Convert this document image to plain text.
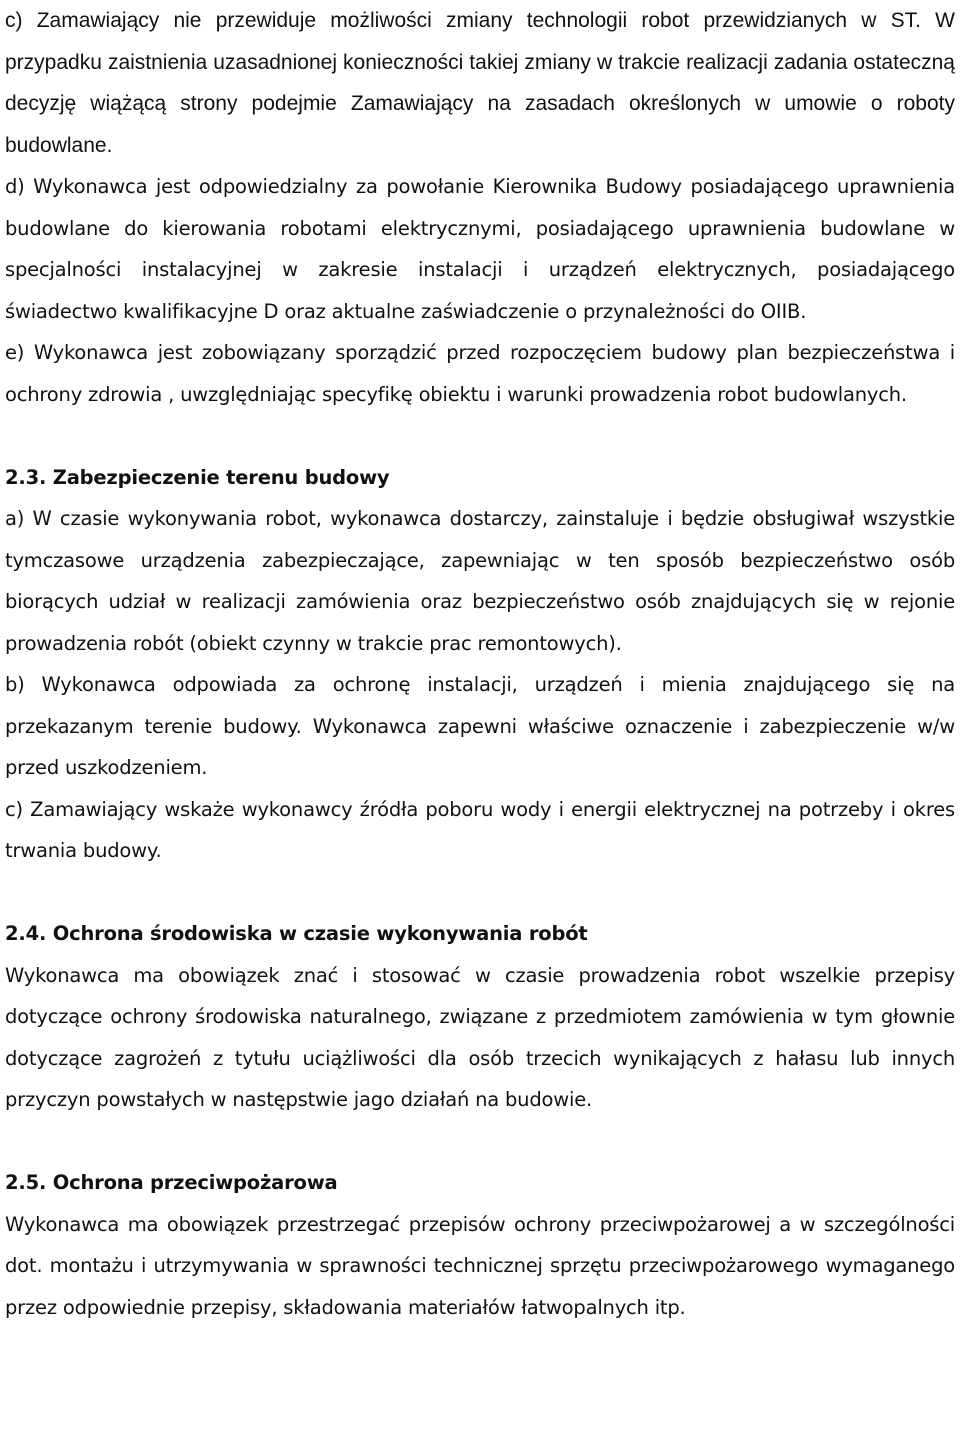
c) Zamawiający nie przewiduje możliwości zmiany technologii robot przewidzianych w ST. W przypadku zaistnienia uzasadnionej konieczności takiej zmiany w trakcie realizacji zadania ostateczną decyzję wiążącą strony podejmie Zamawiający na zasadach określonych w umowie o roboty budowlane.

d) Wykonawca jest odpowiedzialny za powołanie Kierownika Budowy posiadającego uprawnienia budowlane do kierowania robotami elektrycznymi, posiadającego uprawnienia budowlane w specjalności instalacyjnej w zakresie instalacji i urządzeń elektrycznych, posiadającego świadectwo kwalifikacyjne D oraz aktualne zaświadczenie o przynależności do OIIB.

e) Wykonawca jest zobowiązany sporządzić przed rozpoczęciem budowy plan bezpieczeństwa i ochrony zdrowia , uwzględniając specyfikę obiektu i warunki prowadzenia robot budowlanych.

2.3. Zabezpieczenie terenu budowy

a) W czasie wykonywania robot, wykonawca dostarczy, zainstaluje i będzie obsługiwał wszystkie tymczasowe urządzenia zabezpieczające, zapewniając w ten sposób bezpieczeństwo osób biorących udział w realizacji zamówienia oraz bezpieczeństwo osób znajdujących się w rejonie prowadzenia robót (obiekt czynny w trakcie prac remontowych).

b) Wykonawca odpowiada za ochronę instalacji, urządzeń i mienia znajdującego się na przekazanym terenie budowy. Wykonawca zapewni właściwe oznaczenie i zabezpieczenie w/w przed uszkodzeniem.

c) Zamawiający wskaże wykonawcy źródła poboru wody i energii elektrycznej na potrzeby i okres trwania budowy.

2.4. Ochrona środowiska w czasie wykonywania robót

Wykonawca ma obowiązek znać i stosować w czasie prowadzenia robot wszelkie przepisy dotyczące ochrony środowiska naturalnego, związane z przedmiotem zamówienia w tym głownie dotyczące zagrożeń z tytułu uciążliwości dla osób trzecich wynikających z hałasu lub innych przyczyn powstałych w następstwie jago działań na budowie.

2.5. Ochrona przeciwpożarowa

Wykonawca ma obowiązek przestrzegać przepisów ochrony przeciwpożarowej a w szczególności dot. montażu i utrzymywania w sprawności technicznej sprzętu przeciwpożarowego wymaganego przez odpowiednie przepisy, składowania materiałów łatwopalnych itp.
